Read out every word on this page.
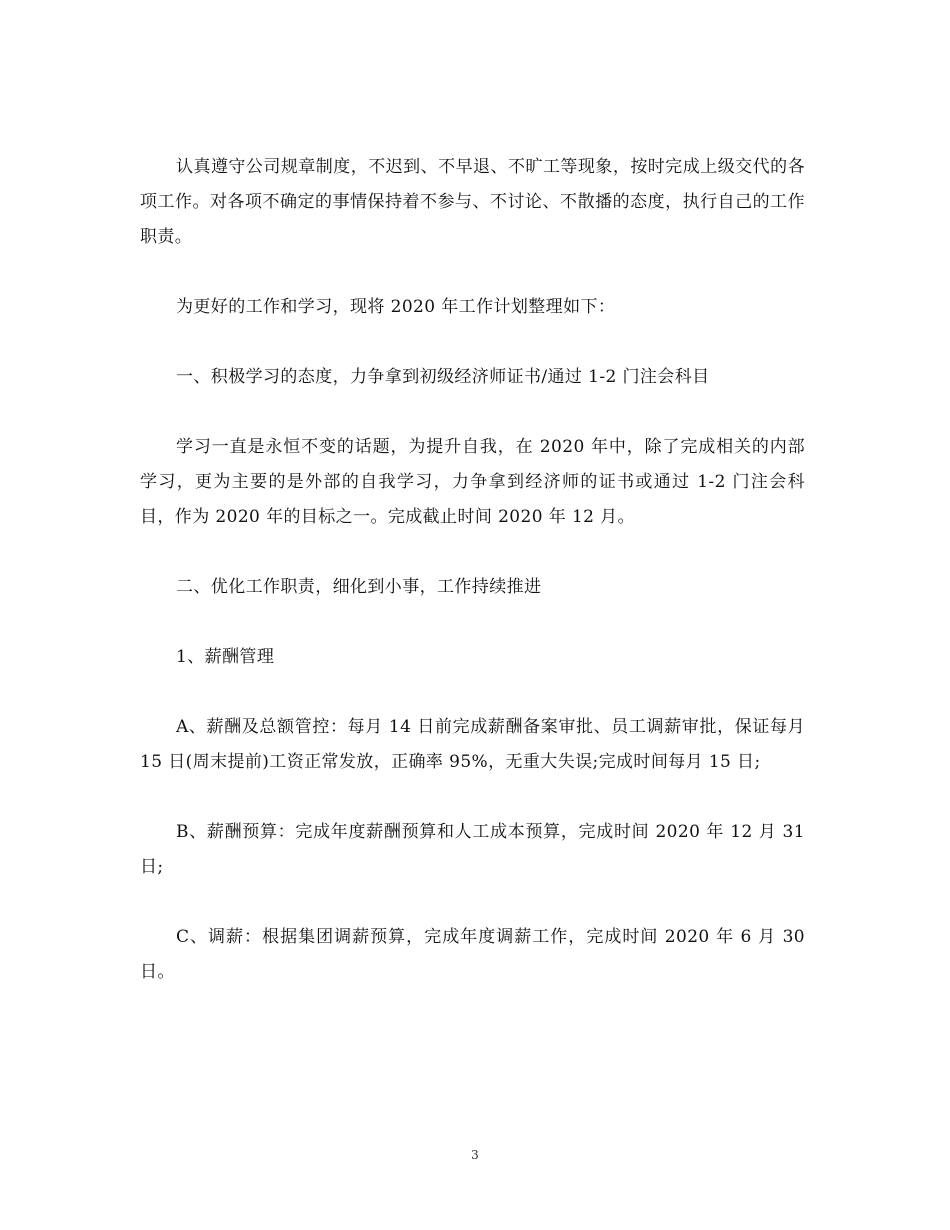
认真遵守公司规章制度，不迟到、不早退、不旷工等现象，按时完成上级交代的各项工作。对各项不确定的事情保持着不参与、不讨论、不散播的态度，执行自己的工作职责。

为更好的工作和学习，现将 2020 年工作计划整理如下：

一、积极学习的态度，力争拿到初级经济师证书/通过 1-2 门注会科目

学习一直是永恒不变的话题，为提升自我，在 2020 年中，除了完成相关的内部学习，更为主要的是外部的自我学习，力争拿到经济师的证书或通过 1-2 门注会科目，作为 2020 年的目标之一。完成截止时间 2020 年 12 月。

二、优化工作职责，细化到小事，工作持续推进

1、薪酬管理

A、薪酬及总额管控：每月 14 日前完成薪酬备案审批、员工调薪审批，保证每月 15 日(周末提前)工资正常发放，正确率 95%，无重大失误;完成时间每月 15 日;

B、薪酬预算：完成年度薪酬预算和人工成本预算，完成时间 2020 年 12 月 31 日;

C、调薪：根据集团调薪预算，完成年度调薪工作，完成时间 2020 年 6 月 30 日。

3
